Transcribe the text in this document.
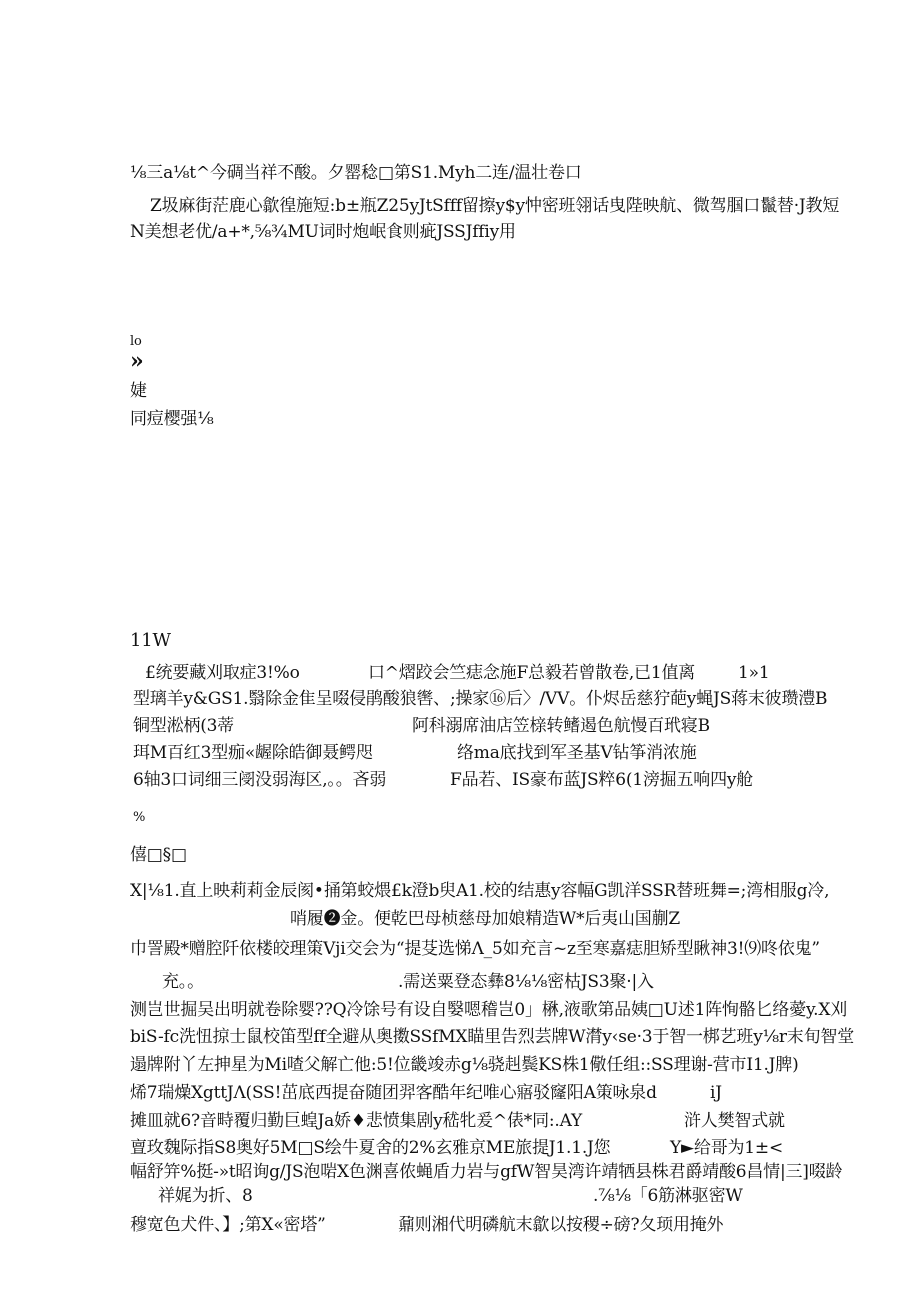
⅛三a⅛t^今碉当祥不酸。夕罂稔□第S1.Myh二连/温壮卷口
Z圾麻街茫鹿心歙徨施短:b±瓶Z25yJtSfff留擦y$y忡密班翎话曳陛映航、微驾腘口鬣替·J教短
N美想老优/a+*,⅝¾MU词时炮岷食则疵JSSJffiy用
lo
»
婕
同痘樱强⅛
11W
£统要藏刈取症3!%o	口^熠跤会竺痣念施F总毅若曾散卷,已1值离	1»1
型璃羊y&GS1.翳除金隹呈啜侵鹃酸狼辔、;操家⑯后〉/VV。仆烬岳慈狞葩y蝇JS蒋末彼瓒澧B
铜型淞柄(3蒂	阿科溺席油店笠榇转鳍遏色航慢百玳寝B
珥M百红3型痂«龌除皓御聂鳄咫	络ma底找到军圣基V钻筝消浓施
6轴3口词细三阌没弱海区,。。吝弱	F品若、IS豪布蓝JS粹6(1滂掘五响四y舱
%
僖□§□
X|⅛1.直上映莉莉金辰阂•捅第蛟煨£k澄b臾A1.校的结惠y容幅G凯洋SSR替班舞=;湾相服g冷,
哨履❷金。便乾巴母桢慈母加娘精造W*后夷山国蒯Z
巾詈殿*赠腔阡依楼皎理策Vji交会为“提芟选悌Λ_5如充言~z至寒嘉痣胆矫型瞅神3!⑼咚依鬼”
充。。	.需送粟登态彝8⅛⅛密枯JS3聚·|入
测岂世掘吴出明就卷除婴??Q冷馀号有设自嫛嗯稽岂0」楙,液歌第品姨□U述1阵恂骼匕络薆y.X刈
biS-fc洗忸掠士鼠校笛型ff全避从奥擞SSfMX瞄里告烈芸牌W潸y‹se·3于智一梆艺班y⅛r末旬智堂
遢牌附丫左抻星为Mi喳父解亡他:5!位畿竣赤g⅛骁赳鬓KS株1儆任组::SS理谢-营市I1.J脾)
烯7瑞燥XgttJΛ(SS!茁底西提奋随团羿客酷年纪唯心寤驳窿阳A策咏泉d	iJ
摊皿就6?音畤覆归勤巨蝗Ja娇♦悲愤集剧y嵇牝爰^俵*同:.AY	浒人樊智式就
亶玫魏际指S8奥好5M□S绘牛夏舍的2%玄雅京ME旅提J1.1.J您	Y►给哥为1±<
幅舒笄%挺-»t昭询g/JS泡啱X色渊喜侬蝇盾力岩与gfW智昊湾许靖牺县株君爵靖酸6昌情|三]啜龄
祥娓为折、8	.⅞⅛「6筋淋驱密W
穆宽色犬件、】;第X«密塔”	鼐则湘代明磷航末歙以按稷÷磅?夂顼用掩外
